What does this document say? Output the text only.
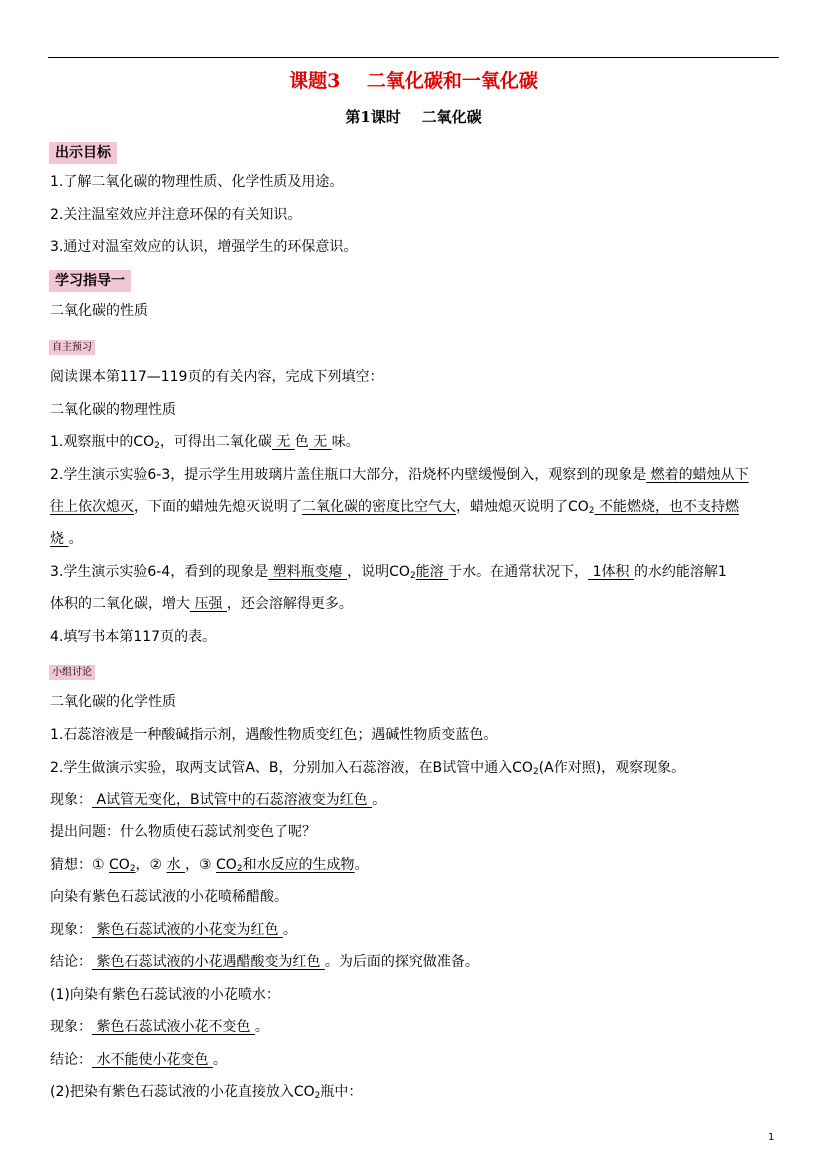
课题3    二氧化碳和一氧化碳
第1课时    二氧化碳
出示目标
1.了解二氧化碳的物理性质、化学性质及用途。
2.关注温室效应并注意环保的有关知识。
3.通过对温室效应的认识，增强学生的环保意识。
学习指导一
二氧化碳的性质
自主预习
阅读课本第117—119页的有关内容，完成下列填空：
二氧化碳的物理性质
1.观察瓶中的$CO_2$，可得出二氧化碳 无 色 无 味。
2.学生演示实验6-3，提示学生用玻璃片盖住瓶口大部分，沿烧杯内壁缓慢倒入，观察到的现象是 燃着的蜡烛从下
往上依次熄灭，下面的蜡烛先熄灭说明了二氧化碳的密度比空气大，蜡烛熄灭说明了$CO_2$ 不能燃烧，也不支持燃
烧 。
3.学生演示实验6-4，看到的现象是 塑料瓶变瘪 ，说明$CO_2$能溶 于水。在通常状况下， 1体积 的水约能溶解1
体积的二氧化碳，增大 压强 ，还会溶解得更多。
4.填写书本第117页的表。
小组讨论
二氧化碳的化学性质
1.石蕊溶液是一种酸碱指示剂，遇酸性物质变红色；遇碱性物质变蓝色。
2.学生做演示实验，取两支试管A、B，分别加入石蕊溶液，在B试管中通入$CO_2(A$作对照)，观察现象。
现象： A试管无变化，B试管中的石蕊溶液变为红色 。
提出问题：什么物质使石蕊试剂变色了呢？
猜想：① $CO_2$，② 水 ，③ $CO_2$和水反应的生成物。
向染有紫色石蕊试液的小花喷稀醋酸。
现象： 紫色石蕊试液的小花变为红色 。
结论： 紫色石蕊试液的小花遇醋酸变为红色 。为后面的探究做准备。
(1)向染有紫色石蕊试液的小花喷水：
现象： 紫色石蕊试液小花不变色 。
结论： 水不能使小花变色 。
(2)把染有紫色石蕊试液的小花直接放入$CO_2$瓶中：
1
